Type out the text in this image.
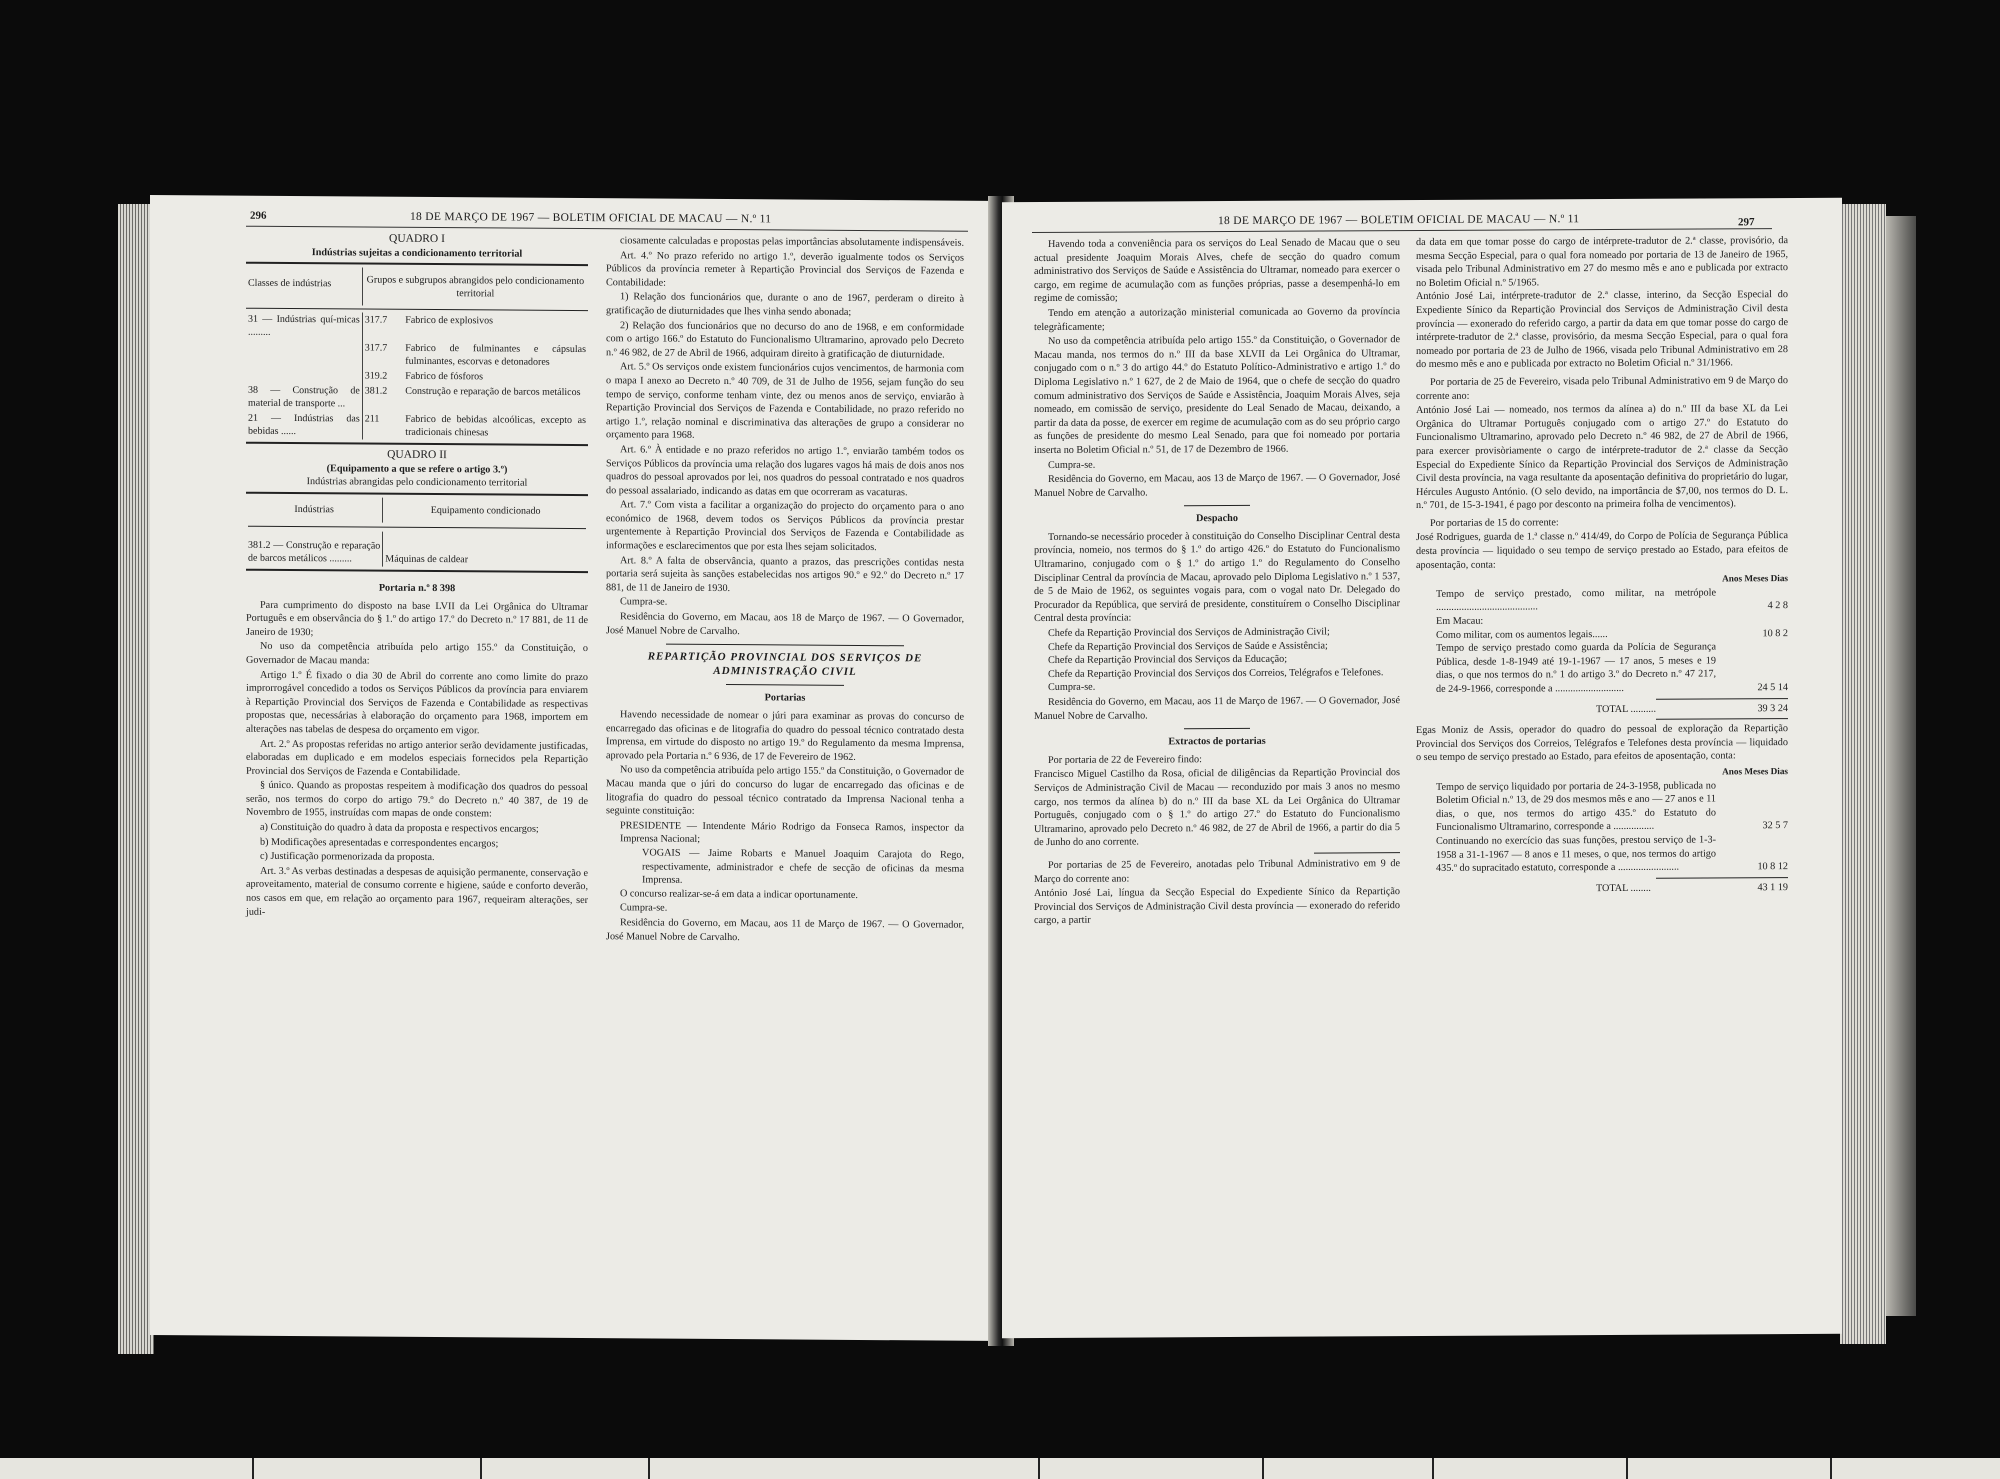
296	18 DE MARÇO DE 1967 — BOLETIM OFICIAL DE MACAU — N.º 11
QUADRO I
Indústrias sujeitas a condicionamento territorial
Classes de indústrias	Grupos e subgrupos abrangidos pelo condicionamento territorial
31 — Indústrias quí-micas .........	317.7	Fabrico de explosivos
	317.7	Fabrico de fulminantes e cápsulas fulminantes, escorvas e detonadores
	319.2	Fabrico de fósforos
38 — Construção de material de transporte ...	381.2	Construção e reparação de barcos metálicos
21 — Indústrias das bebidas ......	211	Fabrico de bebidas alcoólicas, excepto as tradicionais chinesas
QUADRO II
(Equipamento a que se refere o artigo 3.º)
Indústrias abrangidas pelo condicionamento territorial
Indústrias	Equipamento condicionado

381.2 — Construção e reparação de barcos metálicos .........	Máquinas de caldear
Portaria n.º 8 398

Para cumprimento do disposto na base LVII da Lei Orgânica do Ultramar Português e em observância do § 1.º do artigo 17.º do Decreto n.º 17 881, de 11 de Janeiro de 1930;

No uso da competência atribuída pelo artigo 155.º da Constituição, o Governador de Macau manda:

Artigo 1.º É fixado o dia 30 de Abril do corrente ano como limite do prazo improrrogável concedido a todos os Serviços Públicos da província para enviarem à Repartição Provincial dos Serviços de Fazenda e Contabilidade as respectivas propostas que, necessárias à elaboração do orçamento para 1968, importem em alterações nas tabelas de despesa do orçamento em vigor.

Art. 2.º As propostas referidas no artigo anterior serão devidamente justificadas, elaboradas em duplicado e em modelos especiais fornecidos pela Repartição Provincial dos Serviços de Fazenda e Contabilidade.

§ único. Quando as propostas respeitem à modificação dos quadros do pessoal serão, nos termos do corpo do artigo 79.º do Decreto n.º 40 387, de 19 de Novembro de 1955, instruídas com mapas de onde constem:

a) Constituição do quadro à data da proposta e respectivos encargos;

b) Modificações apresentadas e correspondentes encargos;

c) Justificação pormenorizada da proposta.

Art. 3.º As verbas destinadas a despesas de aquisição permanente, conservação e aproveitamento, material de consumo corrente e higiene, saúde e conforto deverão, nos casos em que, em relação ao orçamento para 1967, requeiram alterações, ser judi-

ciosamente calculadas e propostas pelas importâncias absolutamente indispensáveis.

Art. 4.º No prazo referido no artigo 1.º, deverão igualmente todos os Serviços Públicos da província remeter à Repartição Provincial dos Serviços de Fazenda e Contabilidade:

1) Relação dos funcionários que, durante o ano de 1967, perderam o direito à gratificação de diuturnidades que lhes vinha sendo abonada;

2) Relação dos funcionários que no decurso do ano de 1968, e em conformidade com o artigo 166.º do Estatuto do Funcionalismo Ultramarino, aprovado pelo Decreto n.º 46 982, de 27 de Abril de 1966, adquiram direito à gratificação de diuturnidade.

Art. 5.º Os serviços onde existem funcionários cujos vencimentos, de harmonia com o mapa I anexo ao Decreto n.º 40 709, de 31 de Julho de 1956, sejam função do seu tempo de serviço, conforme tenham vinte, dez ou menos anos de serviço, enviarão à Repartição Provincial dos Serviços de Fazenda e Contabilidade, no prazo referido no artigo 1.º, relação nominal e discriminativa das alterações de grupo a considerar no orçamento para 1968.

Art. 6.º À entidade e no prazo referidos no artigo 1.º, enviarão também todos os Serviços Públicos da província uma relação dos lugares vagos há mais de dois anos nos quadros do pessoal aprovados por lei, nos quadros do pessoal contratado e nos quadros do pessoal assalariado, indicando as datas em que ocorreram as vacaturas.

Art. 7.º Com vista a facilitar a organização do projecto do orçamento para o ano económico de 1968, devem todos os Serviços Públicos da província prestar urgentemente à Repartição Provincial dos Serviços de Fazenda e Contabilidade as informações e esclarecimentos que por esta lhes sejam solicitados.

Art. 8.º A falta de observância, quanto a prazos, das prescrições contidas nesta portaria será sujeita às sanções estabelecidas nos artigos 90.º e 92.º do Decreto n.º 17 881, de 11 de Janeiro de 1930.

Cumpra-se.

Residência do Governo, em Macau, aos 18 de Março de 1967. — O Governador, José Manuel Nobre de Carvalho.

REPARTIÇÃO PROVINCIAL DOS SERVIÇOS DE ADMINISTRAÇÃO CIVIL
Portarias

Havendo necessidade de nomear o júri para examinar as provas do concurso de encarregado das oficinas e de litografia do quadro do pessoal técnico contratado desta Imprensa, em virtude do disposto no artigo 19.º do Regulamento da mesma Imprensa, aprovado pela Portaria n.º 6 936, de 17 de Fevereiro de 1962.

No uso da competência atribuída pelo artigo 155.º da Constituição, o Governador de Macau manda que o júri do concurso do lugar de encarregado das oficinas e de litografia do quadro do pessoal técnico contratado da Imprensa Nacional tenha a seguinte constituição:

PRESIDENTE — Intendente Mário Rodrigo da Fonseca Ramos, inspector da Imprensa Nacional;
VOGAIS — Jaime Robarts e Manuel Joaquim Carajota do Rego, respectivamente, administrador e chefe de secção de oficinas da mesma Imprensa.

O concurso realizar-se-á em data a indicar oportunamente.

Cumpra-se.

Residência do Governo, em Macau, aos 11 de Março de 1967. — O Governador, José Manuel Nobre de Carvalho.

18 DE MARÇO DE 1967 — BOLETIM OFICIAL DE MACAU — N.º 11	297

Havendo toda a conveniência para os serviços do Leal Senado de Macau que o seu actual presidente Joaquim Morais Alves, chefe de secção do quadro comum administrativo dos Serviços de Saúde e Assistência do Ultramar, nomeado para exercer o cargo, em regime de acumulação com as funções próprias, passe a desempenhá-lo em regime de comissão;

Tendo em atenção a autorização ministerial comunicada ao Governo da província telegràficamente;

No uso da competência atribuída pelo artigo 155.º da Constituição, o Governador de Macau manda, nos termos do n.º III da base XLVII da Lei Orgânica do Ultramar, conjugado com o n.º 3 do artigo 44.º do Estatuto Político-Administrativo e artigo 1.º do Diploma Legislativo n.º 1 627, de 2 de Maio de 1964, que o chefe de secção do quadro comum administrativo dos Serviços de Saúde e Assistência, Joaquim Morais Alves, seja nomeado, em comissão de serviço, presidente do Leal Senado de Macau, deixando, a partir da data da posse, de exercer em regime de acumulação com as do seu próprio cargo as funções de presidente do mesmo Leal Senado, para que foi nomeado por portaria inserta no Boletim Oficial n.º 51, de 17 de Dezembro de 1966.

Cumpra-se.

Residência do Governo, em Macau, aos 13 de Março de 1967. — O Governador, José Manuel Nobre de Carvalho.

Despacho

Tornando-se necessário proceder à constituição do Conselho Disciplinar Central desta província, nomeio, nos termos do § 1.º do artigo 426.º do Estatuto do Funcionalismo Ultramarino, conjugado com o § 1.º do artigo 1.º do Regulamento do Conselho Disciplinar Central da província de Macau, aprovado pelo Diploma Legislativo n.º 1 537, de 5 de Maio de 1962, os seguintes vogais para, com o vogal nato Dr. Delegado do Procurador da República, que servirá de presidente, constituírem o Conselho Disciplinar Central desta província:

Chefe da Repartição Provincial dos Serviços de Administração Civil;
Chefe da Repartição Provincial dos Serviços de Saúde e Assistência;
Chefe da Repartição Provincial dos Serviços da Educação;
Chefe da Repartição Provincial dos Serviços dos Correios, Telégrafos e Telefones.

Cumpra-se.

Residência do Governo, em Macau, aos 11 de Março de 1967. — O Governador, José Manuel Nobre de Carvalho.

Extractos de portarias

Por portaria de 22 de Fevereiro findo:

Francisco Miguel Castilho da Rosa, oficial de diligências da Repartição Provincial dos Serviços de Administração Civil de Macau — reconduzido por mais 3 anos no mesmo cargo, nos termos da alínea b) do n.º III da base XL da Lei Orgânica do Ultramar Português, conjugado com o § 1.º do artigo 27.º do Estatuto do Funcionalismo Ultramarino, aprovado pelo Decreto n.º 46 982, de 27 de Abril de 1966, a partir do dia 5 de Junho do ano corrente.

Por portarias de 25 de Fevereiro, anotadas pelo Tribunal Administrativo em 9 de Março do corrente ano:

António José Lai, língua da Secção Especial do Expediente Sínico da Repartição Provincial dos Serviços de Administração Civil desta província — exonerado do referido cargo, a partir
da data em que tomar posse do cargo de intérprete-tradutor de 2.ª classe, provisório, da mesma Secção Especial, para o qual fora nomeado por portaria de 13 de Janeiro de 1965, visada pelo Tribunal Administrativo em 27 do mesmo mês e ano e publicada por extracto no Boletim Oficial n.º 5/1965.
António José Lai, intérprete-tradutor de 2.ª classe, interino, da Secção Especial do Expediente Sínico da Repartição Provincial dos Serviços de Administração Civil desta província — exonerado do referido cargo, a partir da data em que tomar posse do cargo de intérprete-tradutor de 2.ª classe, provisório, da mesma Secção Especial, para o qual fora nomeado por portaria de 23 de Julho de 1966, visada pelo Tribunal Administrativo em 28 do mesmo mês e ano e publicada por extracto no Boletim Oficial n.º 31/1966.

Por portaria de 25 de Fevereiro, visada pelo Tribunal Administrativo em 9 de Março do corrente ano:

António José Lai — nomeado, nos termos da alínea a) do n.º III da base XL da Lei Orgânica do Ultramar Português conjugado com o artigo 27.º do Estatuto do Funcionalismo Ultramarino, aprovado pelo Decreto n.º 46 982, de 27 de Abril de 1966, para exercer provisòriamente o cargo de intérprete-tradutor de 2.ª classe da Secção Especial do Expediente Sínico da Repartição Provincial dos Serviços de Administração Civil desta província, na vaga resultante da aposentação definitiva do proprietário do lugar, Hércules Augusto António. (O selo devido, na importância de $7,00, nos termos do D. L. n.º 701, de 15-3-1941, é pago por desconto na primeira folha de vencimentos).

Por portarias de 15 do corrente:

José Rodrigues, guarda de 1.ª classe n.º 414/49, do Corpo de Polícia de Segurança Pública desta província — liquidado o seu tempo de serviço prestado ao Estado, para efeitos de aposentação, conta:
Anos Meses Dias
Tempo de serviço prestado, como militar, na metrópole ........................................	4 2 8
Em Macau:
Como militar, com os aumentos legais......	10 8 2
Tempo de serviço prestado como guarda da Polícia de Segurança Pública, desde 1-8-1949 até 19-1-1967 — 17 anos, 5 meses e 19 dias, o que nos termos do n.º 1 do artigo 3.º do Decreto n.º 47 217, de 24-9-1966, corresponde a ...........................	24 5 14
TOTAL ..........	39 3 24
Egas Moniz de Assis, operador do quadro do pessoal de exploração da Repartição Provincial dos Serviços dos Correios, Telégrafos e Telefones desta província — liquidado o seu tempo de serviço prestado ao Estado, para efeitos de aposentação, conta:
Anos Meses Dias
Tempo de serviço liquidado por portaria de 24-3-1958, publicada no Boletim Oficial n.º 13, de 29 dos mesmos mês e ano — 27 anos e 11 dias, o que, nos termos do artigo 435.º do Estatuto do Funcionalismo Ultramarino, corresponde a ................	32 5 7
Continuando no exercício das suas funções, prestou serviço de 1-3-1958 a 31-1-1967 — 8 anos e 11 meses, o que, nos termos do artigo 435.º do supracitado estatuto, corresponde a ........................	10 8 12
TOTAL ........	43 1 19
